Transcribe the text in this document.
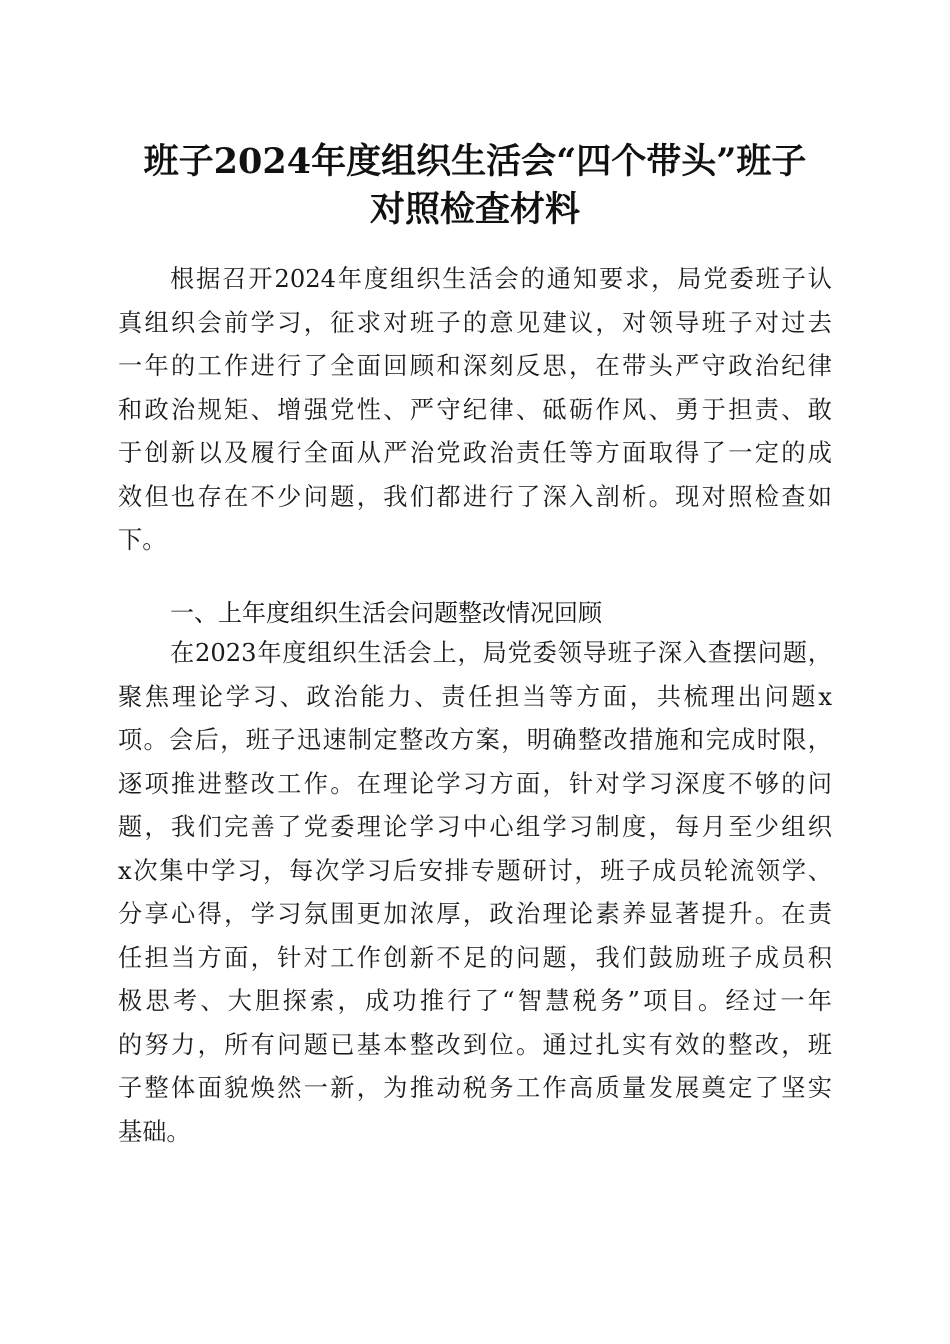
班子2024年度组织生活会“四个带头”班子
对照检查材料
根据召开2024年度组织生活会的通知要求，局党委班子认
真组织会前学习，征求对班子的意见建议，对领导班子对过去
一年的工作进行了全面回顾和深刻反思，在带头严守政治纪律
和政治规矩、增强党性、严守纪律、砥砺作风、勇于担责、敢
于创新以及履行全面从严治党政治责任等方面取得了一定的成
效但也存在不少问题，我们都进行了深入剖析。现对照检查如
下。
一、上年度组织生活会问题整改情况回顾
在2023年度组织生活会上，局党委领导班子深入查摆问题，
聚焦理论学习、政治能力、责任担当等方面，共梳理出问题x
项。会后，班子迅速制定整改方案，明确整改措施和完成时限，
逐项推进整改工作。在理论学习方面，针对学习深度不够的问
题，我们完善了党委理论学习中心组学习制度，每月至少组织
x次集中学习，每次学习后安排专题研讨，班子成员轮流领学、
分享心得，学习氛围更加浓厚，政治理论素养显著提升。在责
任担当方面，针对工作创新不足的问题，我们鼓励班子成员积
极思考、大胆探索，成功推行了“智慧税务”项目。经过一年
的努力，所有问题已基本整改到位。通过扎实有效的整改，班
子整体面貌焕然一新，为推动税务工作高质量发展奠定了坚实
基础。
